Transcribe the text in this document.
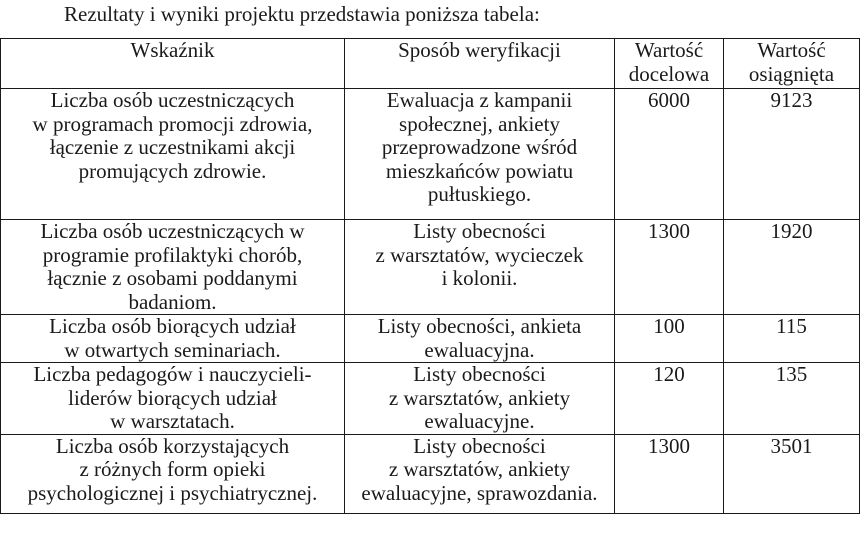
Rezultaty i wyniki projektu przedstawia poniższa tabela:
Wskaźnik	Sposób weryfikacji	Wartość docelowa	Wartość osiągnięta

Liczba osób uczestniczących
w programach promocji zdrowia,
łączenie z uczestnikami akcji
promujących zdrowie.	Ewaluacja z kampanii
społecznej, ankiety
przeprowadzone wśród
mieszkańców powiatu
pułtuskiego.	6000	9123

Liczba osób uczestniczących w
programie profilaktyki chorób,
łącznie z osobami poddanymi
badaniom.	Listy obecności
z warsztatów, wycieczek
i kolonii.	1300	1920

Liczba osób biorących udział
w otwartych seminariach.	Listy obecności, ankieta
ewaluacyjna.	100	115

Liczba pedagogów i nauczycieli-
liderów biorących udział
w warsztatach.	Listy obecności
z warsztatów, ankiety
ewaluacyjne.	120	135

Liczba osób korzystających
z różnych form opieki
psychologicznej i psychiatrycznej.	Listy obecności
z warsztatów, ankiety
ewaluacyjne, sprawozdania.	1300	3501
